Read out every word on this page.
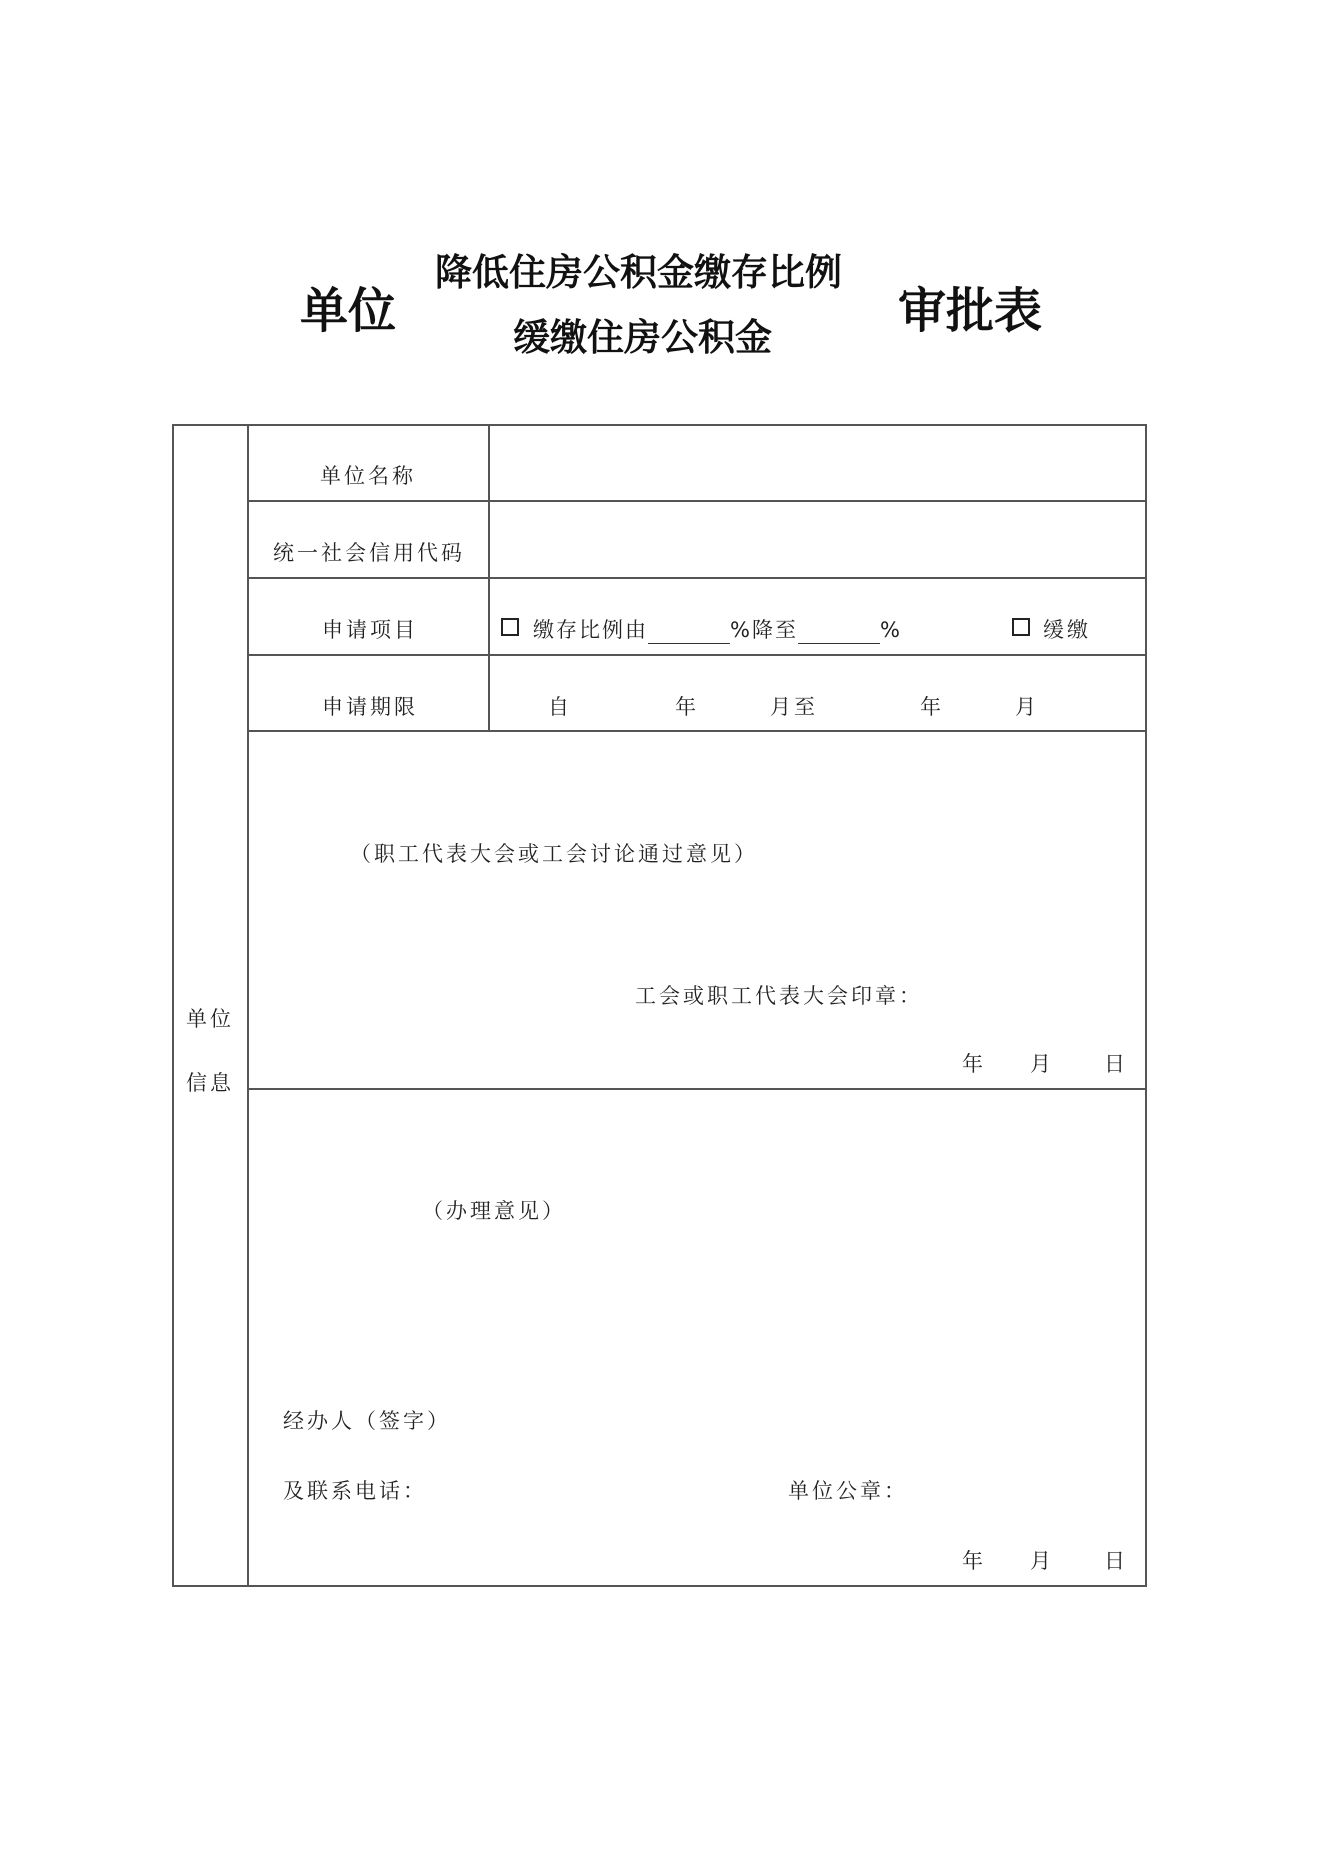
单位
降低住房公积金缴存比例
缓缴住房公积金	审批表
单位
信息
单位名称
统一社会信用代码
申请项目	缴存比例由	%降至	%	缓缴
申请期限	自	年	月至	年	月
（职工代表大会或工会讨论通过意见）
工会或职工代表大会印章：
年 月 日
（办理意见）
经办人（签字）
及联系电话：	单位公章：
年 月 日
